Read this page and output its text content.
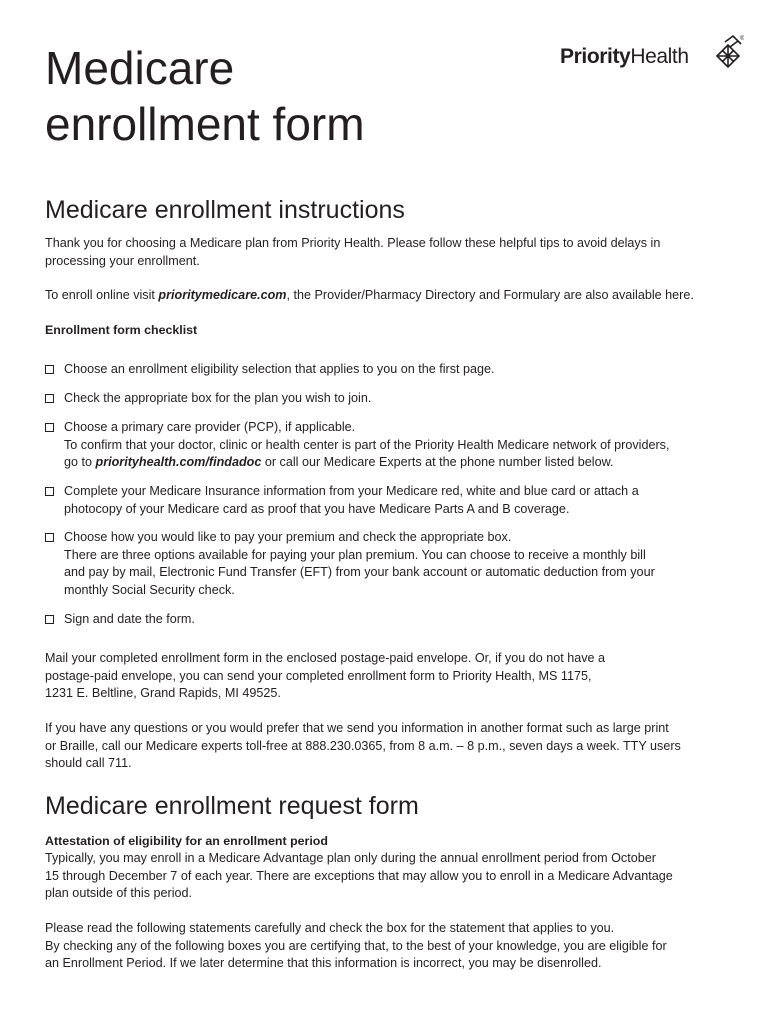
Medicare
enrollment form
PriorityHealth
®
Medicare enrollment instructions

Thank you for choosing a Medicare plan from Priority Health. Please follow these helpful tips to avoid delays in
processing your enrollment.

To enroll online visit prioritymedicare.com, the Provider/Pharmacy Directory and Formulary are also available here.

Enrollment form checklist

Choose an enrollment eligibility selection that applies to you on the first page.
Check the appropriate box for the plan you wish to join.
Choose a primary care provider (PCP), if applicable.
To confirm that your doctor, clinic or health center is part of the Priority Health Medicare network of providers,
go to priorityhealth.com/findadoc or call our Medicare Experts at the phone number listed below.
Complete your Medicare Insurance information from your Medicare red, white and blue card or attach a
photocopy of your Medicare card as proof that you have Medicare Parts A and B coverage.
Choose how you would like to pay your premium and check the appropriate box.
There are three options available for paying your plan premium. You can choose to receive a monthly bill
and pay by mail, Electronic Fund Transfer (EFT) from your bank account or automatic deduction from your
monthly Social Security check.
Sign and date the form.

Mail your completed enrollment form in the enclosed postage-paid envelope. Or, if you do not have a
postage-paid envelope, you can send your completed enrollment form to Priority Health, MS 1175,
1231 E. Beltline, Grand Rapids, MI 49525.

If you have any questions or you would prefer that we send you information in another format such as large print
or Braille, call our Medicare experts toll-free at 888.230.0365, from 8 a.m. – 8 p.m., seven days a week. TTY users
should call 711.

Medicare enrollment request form

Attestation of eligibility for an enrollment period

Typically, you may enroll in a Medicare Advantage plan only during the annual enrollment period from October
15 through December 7 of each year. There are exceptions that may allow you to enroll in a Medicare Advantage
plan outside of this period.

Please read the following statements carefully and check the box for the statement that applies to you.
By checking any of the following boxes you are certifying that, to the best of your knowledge, you are eligible for
an Enrollment Period. If we later determine that this information is incorrect, you may be disenrolled.
